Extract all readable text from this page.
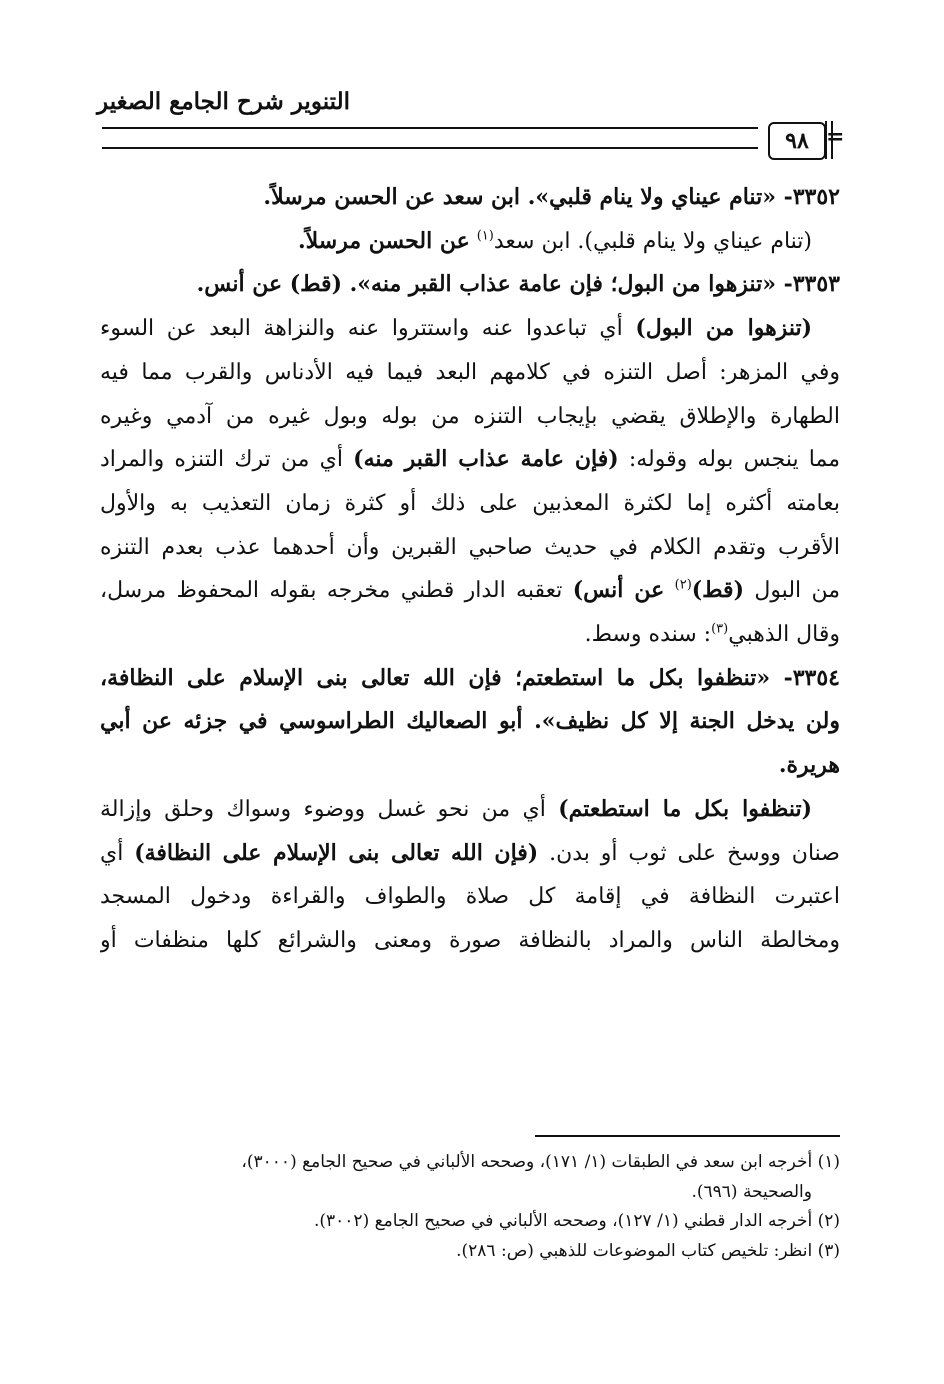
التنوير شرح الجامع الصغير
٩٨ =
٣٣٥٢- «تنام عيناي ولا ينام قلبي». ابن سعد عن الحسن مرسلاً.
(تنام عيناي ولا ينام قلبي). ابن سعد$^{(١)}$ عن الحسن مرسلاً.
٣٣٥٣- «تنزهوا من البول؛ فإن عامة عذاب القبر منه». (قط) عن أنس.
(تنزهوا من البول) أي تباعدوا عنه واستتروا عنه والنزاهة البعد عن السوء
وفي المزهر: أصل التنزه في كلامهم البعد فيما فيه الأدناس والقرب مما فيه
الطهارة والإطلاق يقضي بإيجاب التنزه من بوله وبول غيره من آدمي وغيره
مما ينجس بوله وقوله: (فإن عامة عذاب القبر منه) أي من ترك التنزه والمراد
بعامته أكثره إما لكثرة المعذبين على ذلك أو كثرة زمان التعذيب به والأول
الأقرب وتقدم الكلام في حديث صاحبي القبرين وأن أحدهما عذب بعدم التنزه
من البول (قط)$^{(٢)}$ عن أنس) تعقبه الدار قطني مخرجه بقوله المحفوظ مرسل،
وقال الذهبي$^{(٣)}$: سنده وسط.
٣٣٥٤- «تنظفوا بكل ما استطعتم؛ فإن الله تعالى بنى الإسلام على النظافة،
ولن يدخل الجنة إلا كل نظيف». أبو الصعاليك الطراسوسي في جزئه عن أبي
هريرة.
(تنظفوا بكل ما استطعتم) أي من نحو غسل ووضوء وسواك وحلق وإزالة
صنان ووسخ على ثوب أو بدن. (فإن الله تعالى بنى الإسلام على النظافة) أي
اعتبرت النظافة في إقامة كل صلاة والطواف والقراءة ودخول المسجد
ومخالطة الناس والمراد بالنظافة صورة ومعنى والشرائع كلها منظفات أو
(١) أخرجه ابن سعد في الطبقات (١/ ١٧١)، وصححه الألباني في صحيح الجامع (٣٠٠٠)،
والصحيحة (٦٩٦).
(٢) أخرجه الدار قطني (١/ ١٢٧)، وصححه الألباني في صحيح الجامع (٣٠٠٢).
(٣) انظر: تلخيص كتاب الموضوعات للذهبي (ص: ٢٨٦).
